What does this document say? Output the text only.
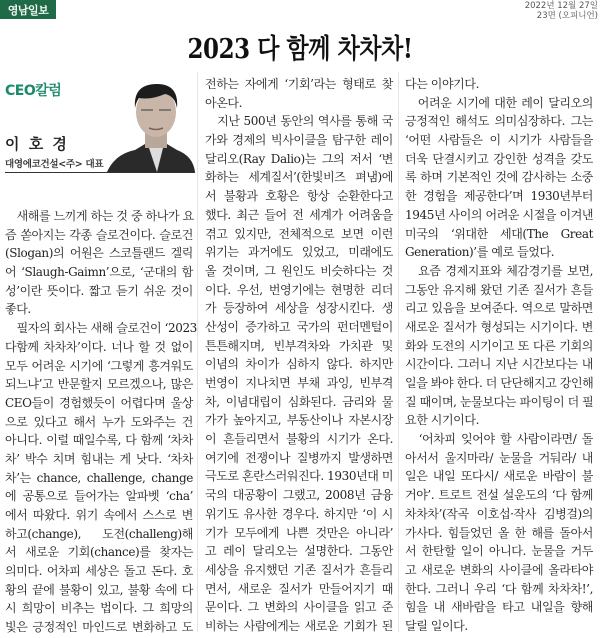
영남일보	2022년 12월 27일
23면 (오피니언)
2023 다 함께 차차차!
CEO칼럼
이 호 경
대영에코건설<주> 대표
　새해를 느끼게 하는 것 중 하나가 요
즘 쏟아지는 각종 슬로건이다. 슬로건
(Slogan)의 어원은 스코틀랜드 겔릭
어 ‘Slaugh-Gaimn’으로, ‘군대의 함
성’이란 뜻이다. 짧고 듣기 쉬운 것이
좋다.
　필자의 회사는 새해 슬로건이 ‘2023
다함께 차차차’이다. 너나 할 것 없이
모두 어려운 시기에 ‘그렇게 흥겨워도
되느냐’고 반문할지 모르겠으나, 많은
CEO들이 경험했듯이 어렵다며 울상
으로 있다고 해서 누가 도와주는 건
아니다. 이럴 때일수록, 다 함께 ‘차차
차’ 박수 치며 힘내는 게 낫다. ‘차차
차’는 chance, challenge, change
에 공통으로 들어가는 알파벳 ‘cha’
에서 따왔다. 위기 속에서 스스로 변
하고(change), 도전(challeng)해
서 새로운 기회(chance)를 찾자는
의미다. 어차피 세상은 돌고 돈다. 호
황의 끝에 불황이 있고, 불황 속에 다
시 희망이 비추는 법이다. 그 희망의
빛은 긍정적인 마인드로 변화하고 도
전하는 자에게 ‘기회’라는 형태로 찾
아온다.
　지난 500년 동안의 역사를 통해 국
가와 경제의 빅사이클을 탐구한 레이
달리오(Ray Dalio)는 그의 저서 ‘변
화하는 세계질서’(한빛비즈 펴냄)에
서 불황과 호황은 항상 순환한다고
했다. 최근 들어 전 세계가 어려움을
겪고 있지만, 전체적으로 보면 이런
위기는 과거에도 있었고, 미래에도
올 것이며, 그 원인도 비슷하다는 것
이다. 우선, 번영기에는 현명한 리더
가 등장하여 세상을 성장시킨다. 생
산성이 증가하고 국가의 펀더멘털이
튼튼해지며, 빈부격차와 가치관 및
이념의 차이가 심하지 않다. 하지만
번영이 지나치면 부채 과잉, 빈부격
차, 이념대립이 심화된다. 금리와 물
가가 높아지고, 부동산이나 자본시장
이 흔들리면서 불황의 시기가 온다.
여기에 전쟁이나 질병까지 발생하면
극도로 혼란스러워진다. 1930년대 미
국의 대공황이 그랬고, 2008년 금융
위기도 유사한 경우다. 하지만 ‘이 시
기가 모두에게 나쁜 것만은 아니라’
고 레이 달리오는 설명한다. 그동안
세상을 유지했던 기존 질서가 흔들리
면서, 새로운 질서가 만들어지기 때
문이다. 그 변화의 사이클을 읽고 준
비하는 사람에게는 새로운 기회가 된
다는 이야기다.
　어려운 시기에 대한 레이 달리오의
긍정적인 해석도 의미심장하다. 그는
‘어떤 사람들은 이 시기가 사람들을
더욱 단결시키고 강인한 성격을 갖도
록 하며 기본적인 것에 감사하는 소중
한 경험을 제공한다’며 1930년부터
1945년 사이의 어려운 시절을 이겨낸
미국의 ‘위대한 세대(The Great
Generation)’를 예로 들었다.
　요즘 경제지표와 체감경기를 보면,
그동안 유지해 왔던 기존 질서가 흔들
리고 있음을 보여준다. 역으로 말하면
새로운 질서가 형성되는 시기이다. 변
화와 도전의 시기이고 또 다른 기회의
시간이다. 그러니 지난 시간보다는 내
일을 봐야 한다. 더 단단해지고 강인해
질 때이며, 눈물보다는 파이팅이 더 필
요한 시기이다.
　‘어차피 잊어야 할 사람이라면/ 돌
아서서 울지마라/ 눈물을 거둬라/ 내
일은 내일 또다시/ 새로운 바람이 불
거야’. 트로트 전설 설운도의 ‘다 함께
차차차’(작곡 이호섭·작사 김병걸)의
가사다. 힘들었던 올 한 해를 돌아서
서 한탄할 일이 아니다. 눈물을 거두
고 새로운 변화의 사이클에 올라타야
한다. 그러니 우리 ‘다 함께 차차차!’,
힘을 내 새바람을 타고 내일을 향해
달릴 일이다.
